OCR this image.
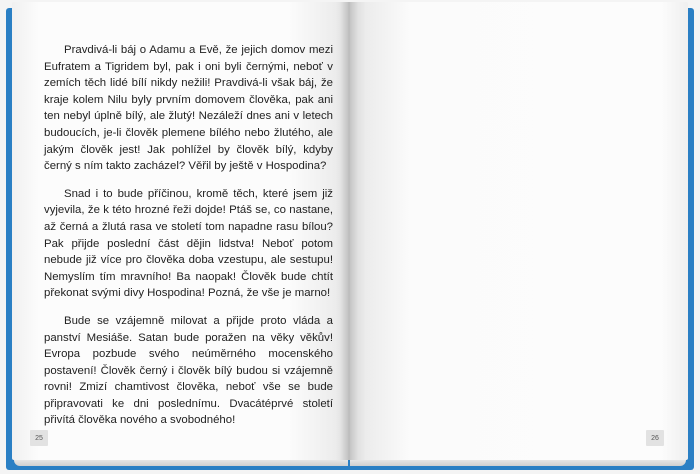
Pravdivá-li báj o Adamu a Evě, že jejich domov mezi Eufratem a Tigridem byl, pak i oni byli černými, neboť v zemích těch lidé bílí nikdy nežili! Pravdivá-li však báj, že kraje kolem Nilu byly prvním domovem člověka, pak ani ten nebyl úplně bílý, ale žlutý! Nezáleží dnes ani v letech budoucích, je-li člověk plemene bílého nebo žlutého, ale jakým člověk jest! Jak pohlížel by člověk bílý, kdyby černý s ním takto zacházel? Věřil by ještě v Hospodina?

Snad i to bude příčinou, kromě těch, které jsem již vyjevila, že k této hrozné řeži dojde! Ptáš se, co nastane, až černá a žlutá rasa ve století tom napadne rasu bílou? Pak přijde poslední část dějin lidstva! Neboť potom nebude již více pro člověka doba vzestupu, ale sestupu! Nemyslím tím mravního! Ba naopak! Člověk bude chtít překonat svými divy Hospodina! Pozná, že vše je marno!

Bude se vzájemně milovat a přijde proto vláda a panství Mesiáše. Satan bude poražen na věky věkův! Evropa pozbude svého neúměrného mocenského postavení! Člověk černý i člověk bílý budou si vzájemně rovni! Zmizí chamtivost člověka, neboť vše se bude připravovati ke dni poslednímu. Dvacátéprvé století přivítá člověka nového a svobodného!

25	26
